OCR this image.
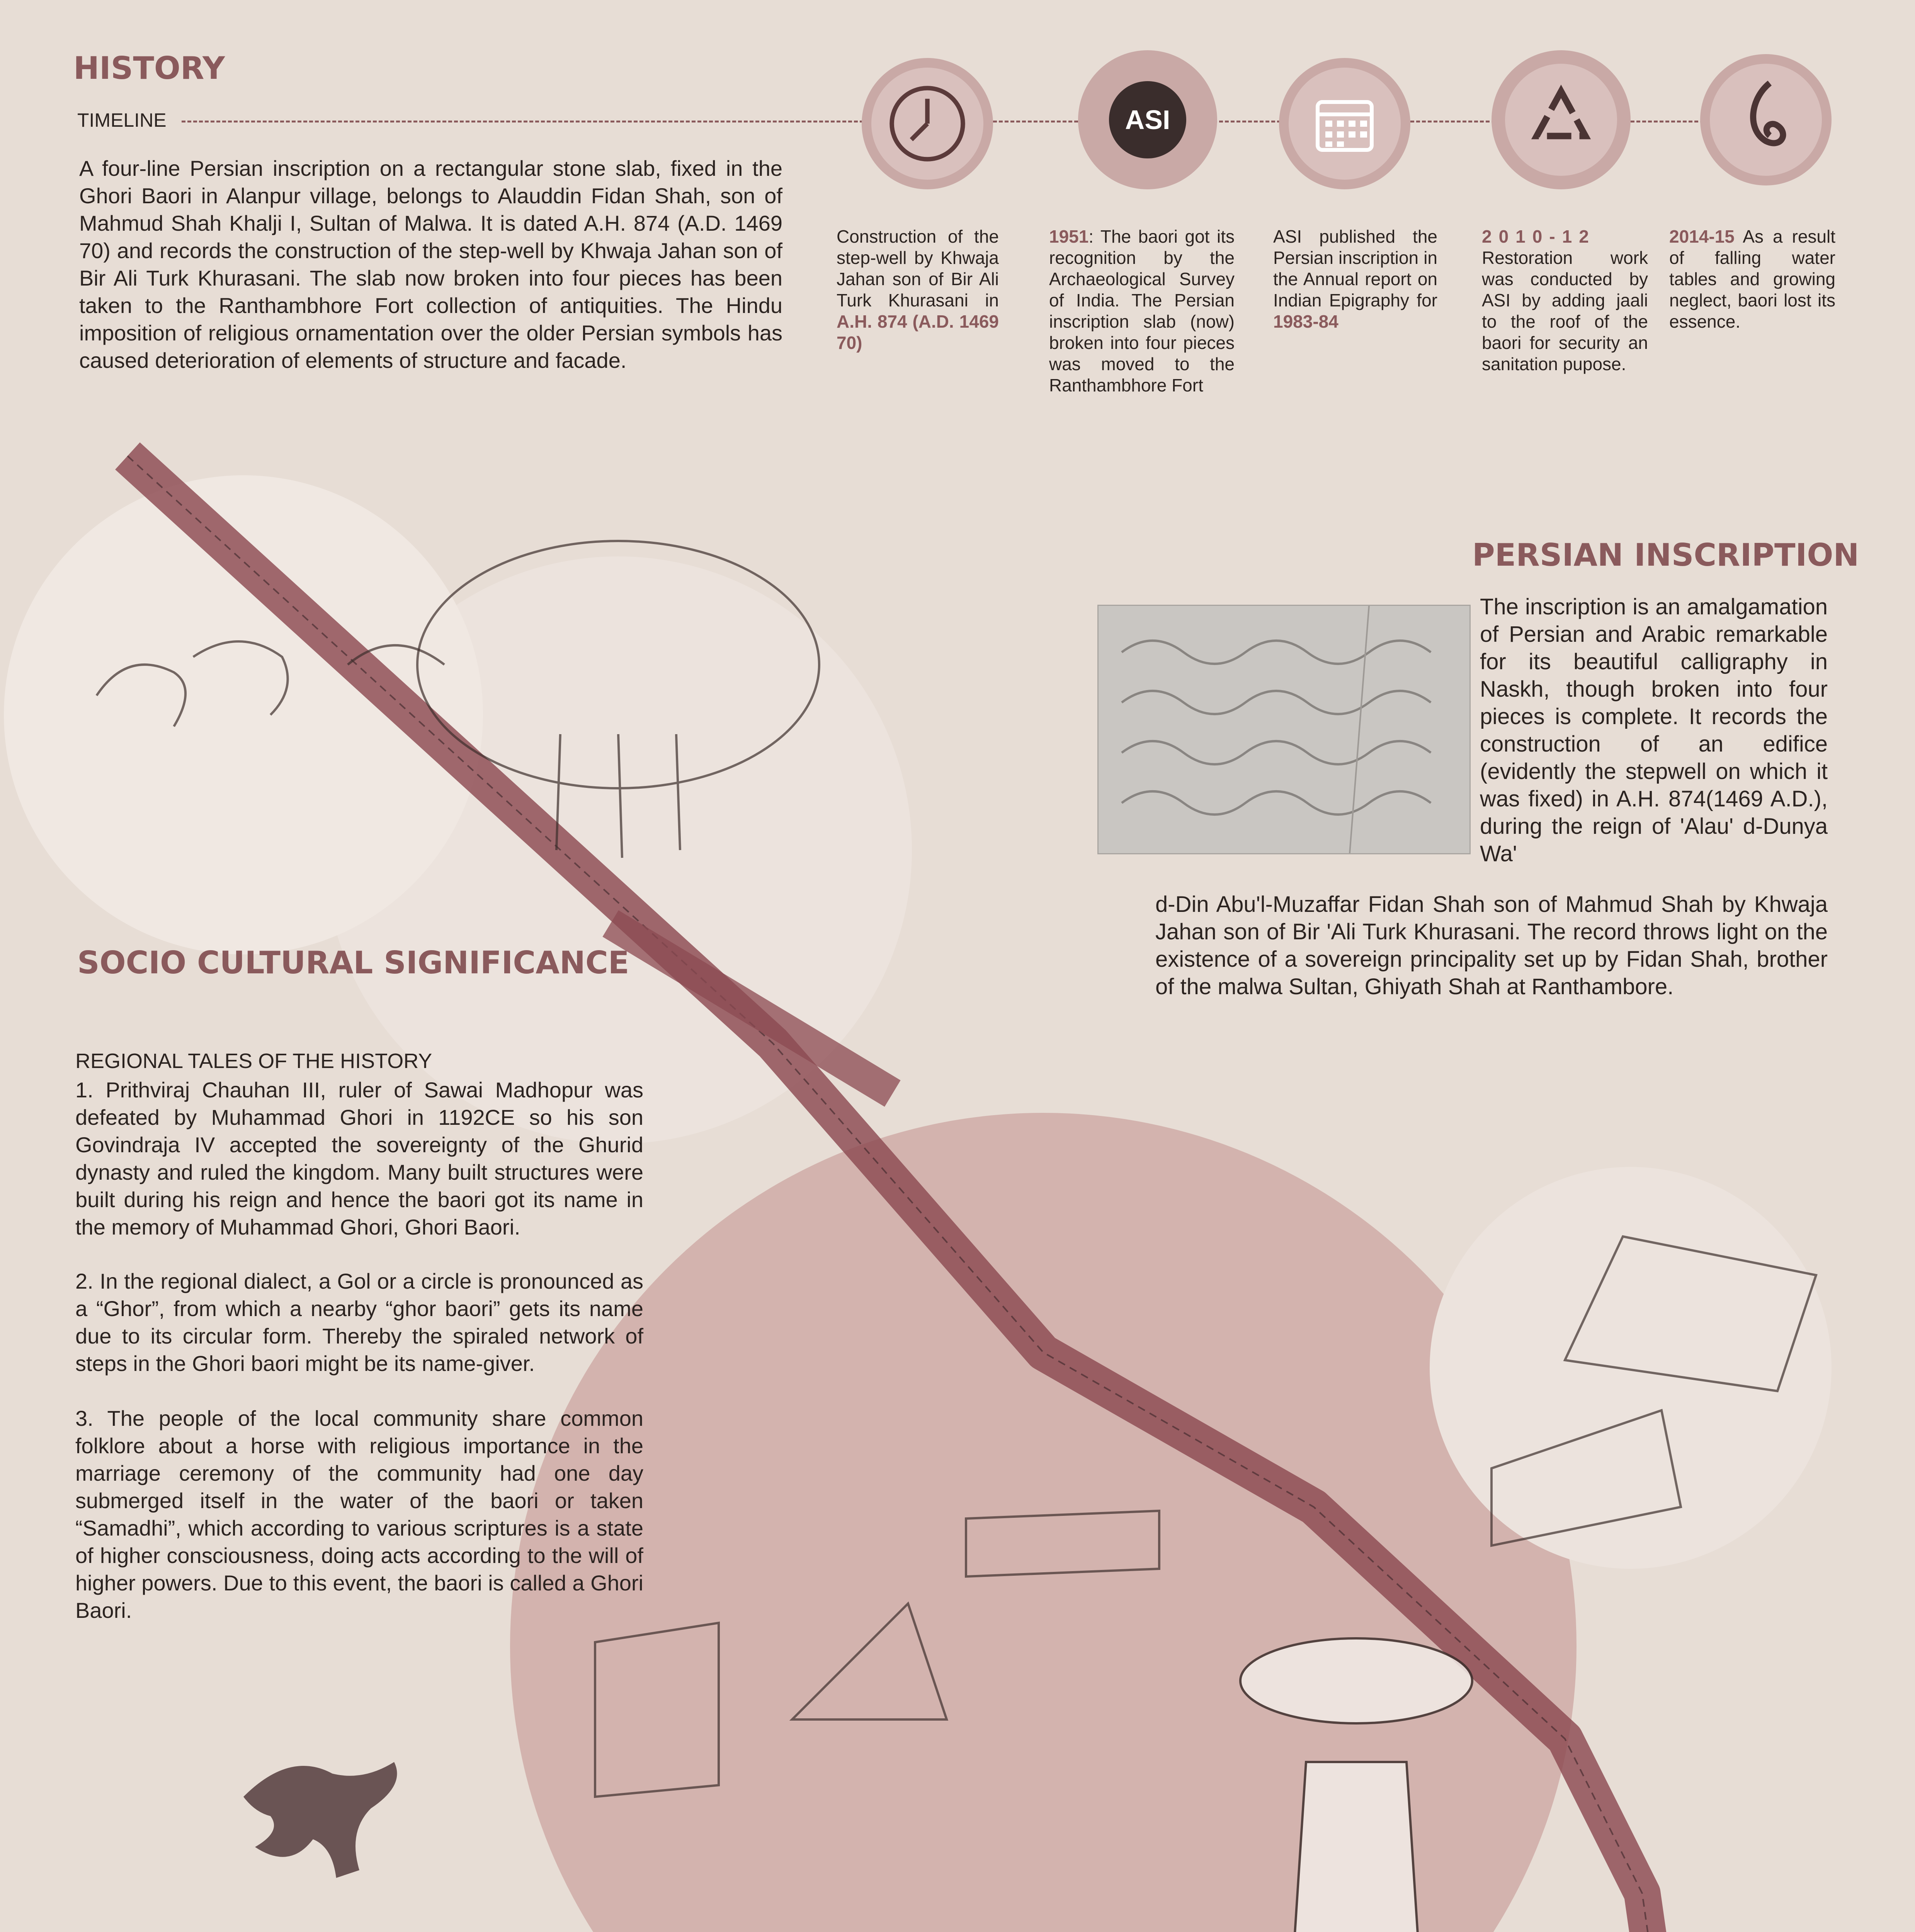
HISTORY
TIMELINE
A four-line Persian inscription on a rectangular stone slab, fixed in the Ghori Baori in Alanpur village, belongs to Alauddin Fidan Shah, son of Mahmud Shah Khalji I, Sultan of Malwa. It is dated A.H. 874 (A.D. 1469 70) and records the construction of the step-well by Khwaja Jahan son of Bir Ali Turk Khurasani. The slab now broken into four pieces has been taken to the Ranthambhore Fort collection of antiquities. The Hindu imposition of religious ornamentation over the older Persian symbols has caused deterioration of elements of structure and facade.
ASI
Construction of the step-well by Khwaja Jahan son of Bir Ali Turk Khurasani in A.H. 874 (A.D. 1469 70)
1951: The baori got its recognition by the Archaeological Survey of India. The Persian inscription slab (now) broken into four pieces was moved to the Ranthambhore Fort
ASI published the Persian inscription in the Annual report on Indian Epigraphy for 1983-84
2010-12 Restoration work was conducted by ASI by adding jaali to the roof of the baori for security an sanitation pupose.
2014-15 As a result of falling water tables and growing neglect, baori lost its essence.
PERSIAN INSCRIPTION
The inscription is an amalgamation of Persian and Arabic remarkable for its beautiful calligraphy in Naskh, though broken into four pieces is complete. It records the construction of an edifice (evidently the stepwell on which it was fixed) in A.H. 874(1469 A.D.), during the reign of 'Alau' d-Dunya Wa'
d-Din Abu'l-Muzaffar Fidan Shah son of Mahmud Shah by Khwaja Jahan son of Bir 'Ali Turk Khurasani. The record throws light on the existence of a sovereign principality set up by Fidan Shah, brother of the malwa Sultan, Ghiyath Shah at Ranthambore.
SOCIO CULTURAL SIGNIFICANCE
REGIONAL TALES OF THE HISTORY
1. Prithviraj Chauhan III, ruler of Sawai Madhopur was defeated by Muhammad Ghori in 1192CE so his son Govindraja IV accepted the sovereignty of the Ghurid dynasty and ruled the kingdom. Many built structures were built during his reign and hence the baori got its name in the memory of Muhammad Ghori, Ghori Baori.
2. In the regional dialect, a Gol or a circle is pronounced as a “Ghor”, from which a nearby “ghor baori” gets its name due to its circular form. Thereby the spiraled network of steps in the Ghori baori might be its name-giver.
3. The people of the local community share common folklore about a horse with religious importance in the marriage ceremony of the community had one day submerged itself in the water of the baori or taken “Samadhi”, which according to various scriptures is a state of higher consciousness, doing acts according to the will of higher powers. Due to this event, the baori is called a Ghori Baori.
